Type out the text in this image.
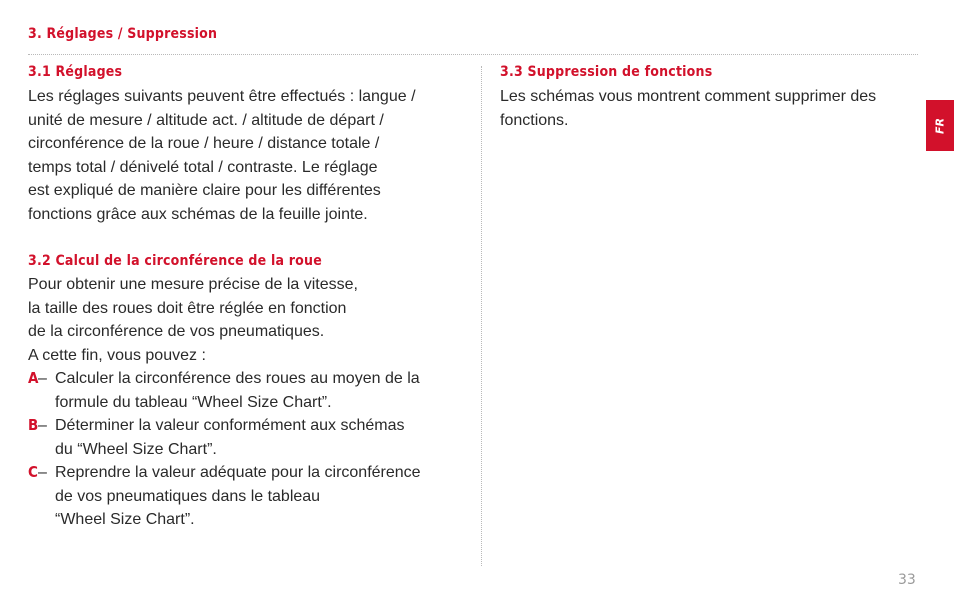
3. Réglages / Suppression
3.1 Réglages
Les réglages suivants peuvent être effectués : langue /
unité de mesure / altitude act. / altitude de départ /
circonférence de la roue / heure / distance totale /
temps total / dénivelé total / contraste. Le réglage
est expliqué de manière claire pour les différentes
fonctions grâce aux schémas de la feuille jointe.
3.2 Calcul de la circonférence de la roue
Pour obtenir une mesure précise de la vitesse,
la taille des roues doit être réglée en fonction
de la circonférence de vos pneumatiques.
A cette fin, vous pouvez :
A – Calculer la circonférence des roues au moyen de la
formule du tableau “Wheel Size Chart”.
B – Déterminer la valeur conformément aux schémas
du “Wheel Size Chart”.
C – Reprendre la valeur adéquate pour la circonférence
de vos pneumatiques dans le tableau
“Wheel Size Chart”.
3.3 Suppression de fonctions
Les schémas vous montrent comment supprimer des
fonctions.	FR
33
